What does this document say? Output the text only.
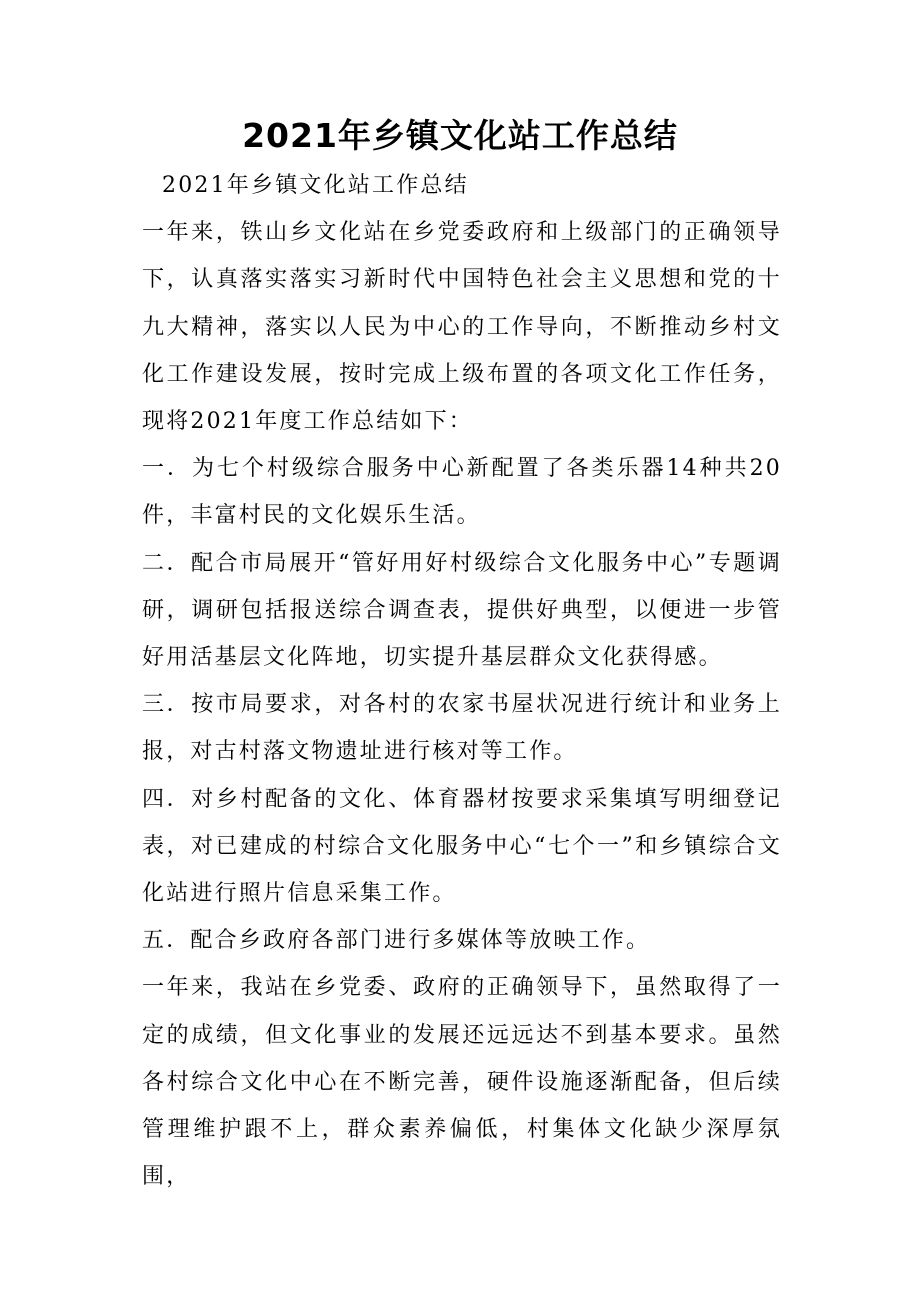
2021年乡镇文化站工作总结

2021年乡镇文化站工作总结

一年来，铁山乡文化站在乡党委政府和上级部门的正确领导下，认真落实落实习新时代中国特色社会主义思想和党的十九大精神，落实以人民为中心的工作导向，不断推动乡村文化工作建设发展，按时完成上级布置的各项文化工作任务，现将2021年度工作总结如下：

一．为七个村级综合服务中心新配置了各类乐器14种共20件，丰富村民的文化娱乐生活。

二．配合市局展开“管好用好村级综合文化服务中心”专题调研，调研包括报送综合调查表，提供好典型，以便进一步管好用活基层文化阵地，切实提升基层群众文化获得感。

三．按市局要求，对各村的农家书屋状况进行统计和业务上报，对古村落文物遗址进行核对等工作。

四．对乡村配备的文化、体育器材按要求采集填写明细登记表，对已建成的村综合文化服务中心“七个一”和乡镇综合文化站进行照片信息采集工作。

五．配合乡政府各部门进行多媒体等放映工作。

一年来，我站在乡党委、政府的正确领导下，虽然取得了一定的成绩，但文化事业的发展还远远达不到基本要求。虽然各村综合文化中心在不断完善，硬件设施逐渐配备，但后续管理维护跟不上，群众素养偏低，村集体文化缺少深厚氛围，
